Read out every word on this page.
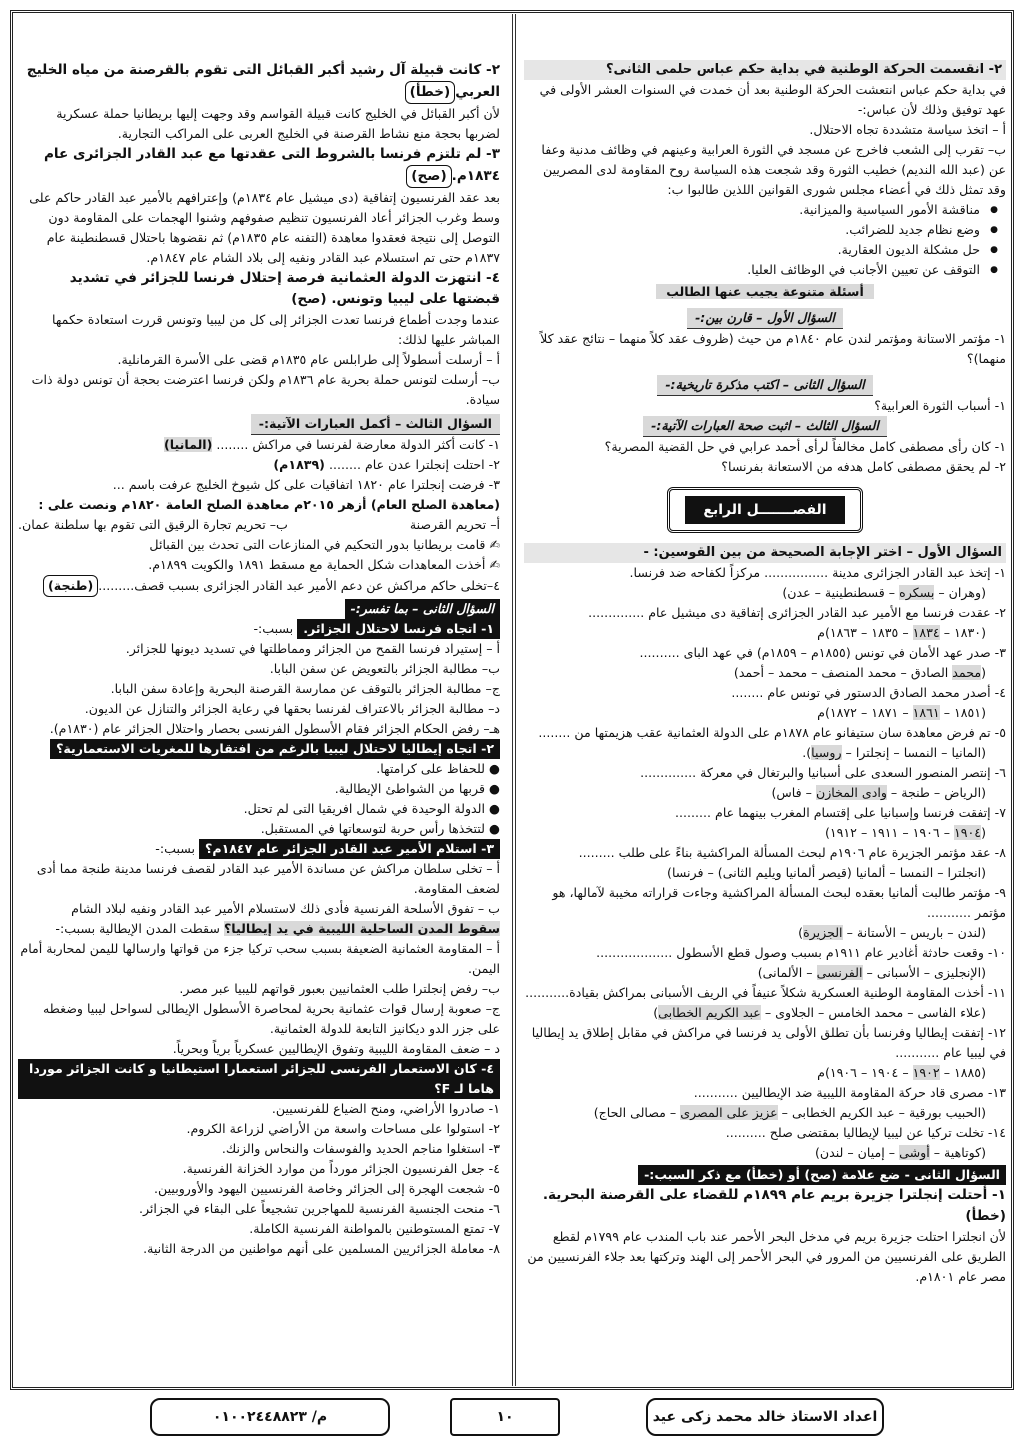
٢- انقسمت الحركة الوطنية في بداية حكم عباس حلمى الثانى؟

في بداية حكم عباس انتعشت الحركة الوطنية بعد أن خمدت في السنوات العشر الأولى في عهد توفيق وذلك لأن عباس:-

أ – اتخذ سياسة متشددة تجاه الاحتلال.

ب– تقرب إلى الشعب فاخرج عن مسجد في الثورة العرابية وعينهم في وظائف مدنية وعفا عن (عبد الله النديم) خطيب الثورة وقد شجعت هذه السياسة روح المقاومة لدى المصريين وقد تمثل ذلك في أعضاء مجلس شورى القوانين اللذين طالبوا ب:

● مناقشة الأمور السياسية والميزانية.
● وضع نظام جديد للضرائب.
● حل مشكلة الديون العقارية.
● التوقف عن تعيين الأجانب في الوظائف العليا.

أسئلة متنوعة يجيب عنها الطالب

السؤال الأول – قارن بين:-

١- مؤتمر الاستانة ومؤتمر لندن عام ١٨٤٠م من حيث (ظروف عقد كلاً منهما – نتائج عقد كلاً منهما)؟

السؤال الثانى – اكتب مذكرة تاريخية:-

١- أسباب الثورة العرابية؟

السؤال الثالث – اثبت صحة العبارات الآتية:-

١- كان رأى مصطفى كامل مخالفاً لرأى أحمد عرابي في حل القضية المصرية؟

٢- لم يحقق مصطفى كامل هدفه من الاستعانة بفرنسا؟

الفصـــــــل الرابع

السؤال الأول – اختر الإجابة الصحيحة من بين القوسين: -

١- إتخذ عبد القادر الجزائرى مدينة ................ مركزاً لكفاحه ضد فرنسا.

(وهران – بسكره – قسطنطينية – عدن)

٢- عقدت فرنسا مع الأمير عبد القادر الجزائرى إتفاقية دى ميشيل عام ..............

(١٨٣٠ – ١٨٣٤ – ١٨٣٥ – ١٨٦٣)م

٣- صدر عهد الأمان في تونس (١٨٥٥م – ١٨٥٩م) في عهد الباى ..........

(محمد الصادق – محمد المنصف – محمد – أحمد)

٤- أصدر محمد الصادق الدستور في تونس عام ........

(١٨٥١ – ١٨٦١ – ١٨٧١ – ١٨٧٢)م

٥- تم فرض معاهدة سان ستيفانو عام ١٨٧٨م على الدولة العثمانية عقب هزيمتها من ........

(المانيا – النمسا – إنجلترا – روسيا).

٦- إنتصر المنصور السعدى على أسبانيا والبرتغال في معركة ..............

(الرياض – طنجة – وادى المخازن – فاس)

٧- إتفقت فرنسا وإسبانيا على إقتسام المغرب بينهما عام .........

(١٩٠٤ – ١٩٠٦ – ١٩١١ – ١٩١٢)

٨- عقد مؤتمر الجزيرة عام ١٩٠٦م لبحث المسألة المراكشية بناءً على طلب .........

(انجلترا – النمسا – ألمانيا (قيصر ألمانيا ويليم الثانى) – فرنسا)

٩- مؤتمر طالبت ألمانيا بعقده لبحث المسألة المراكشية وجاءت قراراته مخيبة لآمالها، هو مؤتمر ...........

(لندن – باريس – الأستانة – الجزيرة)

١٠- وقعت حادثة أغادير عام ١٩١١م بسبب وصول قطع الأسطول ...................

(الإنجليزى – الأسبانى – الفرنسى – الألمانى)

١١- أخذت المقاومة الوطنية العسكرية شكلاً عنيفاً في الريف الأسبانى بمراكش بقيادة...........

(علاء الفاسى – محمد الخامس – الجلاوى – عبد الكريم الخطابى)

١٢- إتفقت إيطاليا وفرنسا بأن تطلق الأولى يد فرنسا في مراكش في مقابل إطلاق يد إيطاليا في ليبيا عام ...........

(١٨٨٥ – ١٩٠٢ – ١٩٠٤ – ١٩٠٦)م

١٣- مصرى قاد حركة المقاومة الليبية ضد الإيطاليين ...........

(الحبيب بورقية – عبد الكريم الخطابى – عزيز على المصرى – مصالى الحاج)

١٤- تخلت تركيا عن ليبيا لإيطاليا بمقتضى صلح ..........

(كوتاهية – أوشى – إميان – لندن)

السؤال الثانى - ضع علامة (صح) أو (خطأ) مع ذكر السبب:-

١- أحتلت إنجلترا جزيرة بريم عام ١٨٩٩م للقضاء على القرصنة البحرية.(خطأ)

لأن انجلترا احتلت جزيرة بريم في مدخل البحر الأحمر عند باب المندب عام ١٧٩٩م لقطع الطريق على الفرنسيين من المرور في البحر الأحمر إلى الهند وتركتها بعد جلاء الفرنسيين من مصر عام ١٨٠١م.

٢- كانت قبيلة آل رشيد أكبر القبائل التى تقوم بالقرصنة من مياه الخليج العربي(خطأ)

لأن أكبر القبائل في الخليج كانت قبيلة القواسم وقد وجهت إليها بريطانيا حملة عسكرية لضربها بحجة منع نشاط القرصنة في الخليج العربى على المراكب التجارية.

٣- لم تلتزم فرنسا بالشروط التى عقدتها مع عبد القادر الجزائرى عام ١٨٣٤م.(صح)

بعد عقد الفرنسيون إتفاقية (دى ميشيل عام ١٨٣٤م) وإعترافهم بالأمير عبد القادر حاكم على وسط وغرب الجزائر أعاد الفرنسيون تنظيم صفوفهم وشنوا الهجمات على المقاومة دون التوصل إلى نتيجة فعقدوا معاهدة (التفنه عام ١٨٣٥م) ثم نقضوها باحتلال قسطنطينة عام ١٨٣٧م حتى تم استسلام عبد القادر ونفيه إلى بلاد الشام عام ١٨٤٧م.

٤- انتهزت الدولة العثمانية فرصة إحتلال فرنسا للجزائر في تشديد قبضتها على ليبيا وتونس. (صح)

عندما وجدت أطماع فرنسا تعدت الجزائر إلى كل من ليبيا وتونس قررت استعادة حكمها المباشر عليها لذلك:

أ – أرسلت أسطولاً إلى طرابلس عام ١٨٣٥م قضى على الأسرة القرمانلية.

ب– أرسلت لتونس حملة بحرية عام ١٨٣٦م ولكن فرنسا اعترضت بحجة أن تونس دولة ذات سيادة.

السؤال الثالث – أكمل العبارات الآتية:-

١- كانت أكثر الدولة معارضة لفرنسا في مراكش ........ (المانيا)

٢- احتلت إنجلترا عدن عام ........ (١٨٣٩م)

٣- فرضت إنجلترا عام ١٨٢٠ اتفاقيات على كل شيوخ الخليج عرفت باسم ...

(معاهدة الصلح العام) أزهر ٢٠١٥م معاهدة الصلح العامة ١٨٢٠م ونصت على :

أ– تحريم القرصنة
ب– تحريم تجارة الرقيق التى تقوم بها سلطنة عمان.

✍ قامت بريطانيا بدور التحكيم في المنازعات التى تحدث بين القبائل

✍ أخذت المعاهدات شكل الحماية مع مسقط ١٨٩١ والكويت ١٨٩٩م.

٤–تخلى حاكم مراكش عن دعم الأمير عبد القادر الجزائرى بسبب قصف.........(طنجة)

السؤال الثانى – بما تفسر:-

١- اتجاه فرنسا لاحتلال الجزائر. بسبب:-

أ – إستيراد فرنسا القمح من الجزائر ومماطلتها في تسديد ديونها للجزائر.

ب– مطالبة الجزائر بالتعويض عن سفن البابا.

ج– مطالبة الجزائر بالتوقف عن ممارسة القرصنة البحرية وإعادة سفن البابا.

د– مطالبة الجزائر بالاعتراف لفرنسا بحقها في رعاية الجزائر والتنازل عن الديون.

هـ– رفض الحكام الجزائر فقام الأسطول الفرنسى بحصار واحتلال الجزائر عام (١٨٣٠م).

٢- اتجاه إيطاليا لاحتلال ليبيا بالرغم من افتقارها للمغريات الاستعمارية؟

● للحفاظ على كرامتها.

● قربها من الشواطئ الإيطالية.

● الدولة الوحيدة في شمال افريقيا التى لم تحتل.

● لتتخذها رأس حربة لتوسعاتها في المستقبل.

٣- استلام الأمير عبد القادر الجزائر عام ١٨٤٧م؟ بسبب:-

أ – تخلى سلطان مراكش عن مساندة الأمير عبد القادر لقصف فرنسا مدينة طنجة مما أدى لضعف المقاومة.

ب – تفوق الأسلحة الفرنسية فأدى ذلك لاستسلام الأمير عبد القادر ونفيه لبلاد الشام

سقوط المدن الساحلية الليبية في يد إيطاليا؟ سقطت المدن الإيطالية بسبب:-

أ – المقاومة العثمانية الضعيفة بسبب سحب تركيا جزء من قواتها وارسالها لليمن لمحاربة أمام اليمن.

ب– رفض إنجلترا طلب العثمانيين بعبور قواتهم لليبيا عبر مصر.

ج– صعوبة إرسال قوات عثمانية بحرية لمحاصرة الأسطول الإيطالى لسواحل ليبيا وضغطه على جزر الدو ديكانيز التابعة للدولة العثمانية.

د – ضعف المقاومة الليبية وتفوق الإيطاليين عسكرياً برياً وبحرياً.

٤- كان الاستعمار الفرنسى للجزائر استعمارا استيطانيا و كانت الجزائر موردا هاما لـ F؟

١- صادروا الأراضي، ومنح الضياع للفرنسيين.

٢- استولوا على مساحات واسعة من الأراضي لزراعة الكروم.

٣- استغلوا مناجم الحديد والفوسفات والنحاس والزنك.

٤- جعل الفرنسيون الجزائر مورداً من موارد الخزانة الفرنسية.

٥- شجعت الهجرة إلى الجزائر وخاصة الفرنسيين اليهود والأوروبيين.

٦- منحت الجنسية الفرنسية للمهاجرين تشجيعاً على البقاء في الجزائر.

٧- تمتع المستوطنين بالمواطنة الفرنسية الكاملة.

٨- معاملة الجزائريين المسلمين على أنهم مواطنين من الدرجة الثانية.

اعداد الاستاذ خالد محمد زكى عيد
١٠
م/ ٠١٠٠٢٤٤٨٨٢٣
